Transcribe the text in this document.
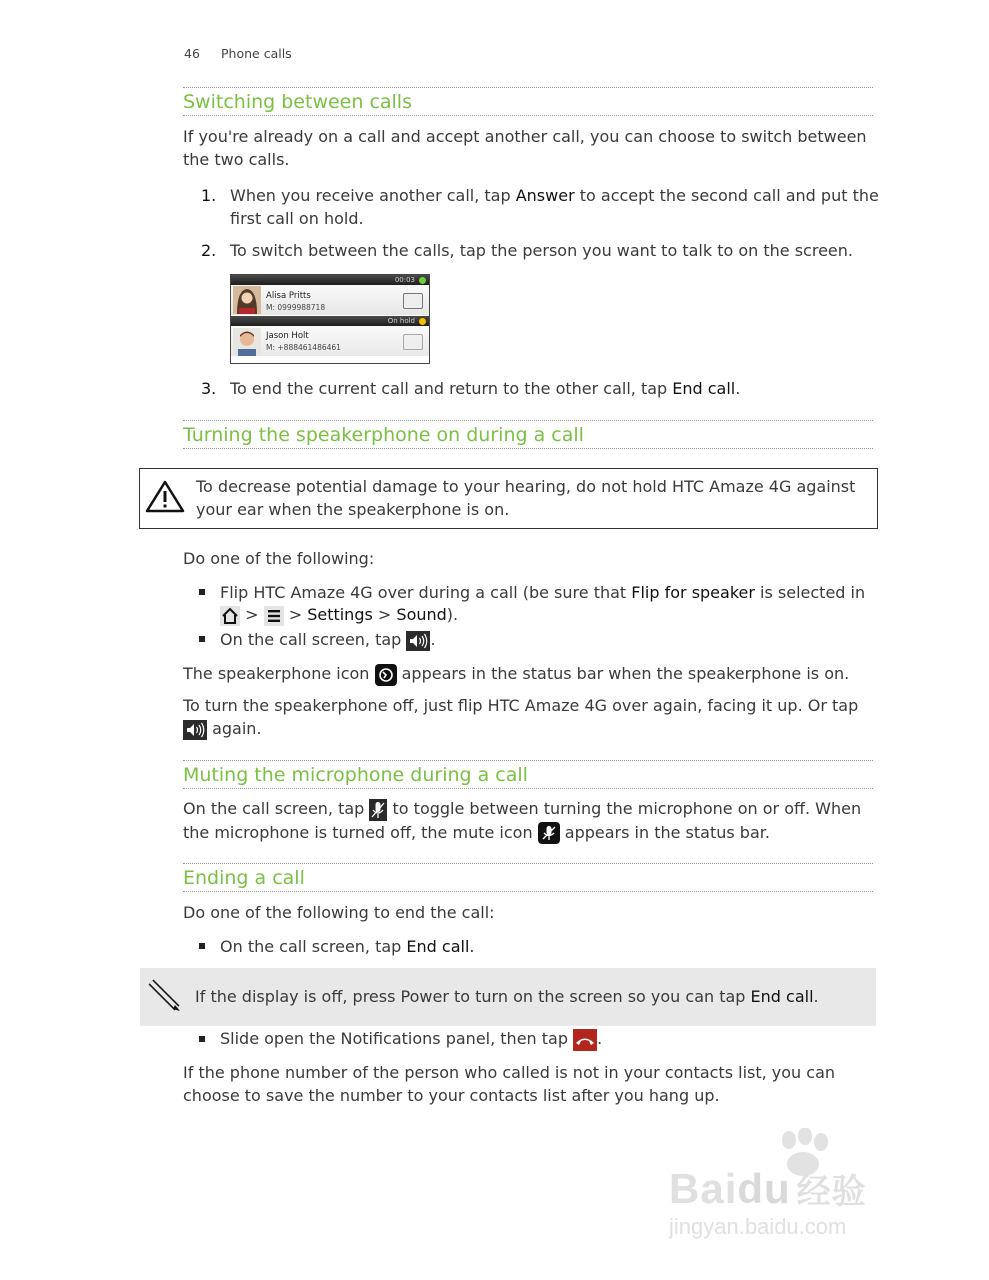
46 Phone calls
Switching between calls
If you're already on a call and accept another call, you can choose to switch between the two calls.
1. When you receive another call, tap Answer to accept the second call and put the first call on hold.
2. To switch between the calls, tap the person you want to talk to on the screen.
00:03
Alisa Pritts
M: 0999988718
On hold
Jason Holt
M: +888461486461
3. To end the current call and return to the other call, tap End call.
Turning the speakerphone on during a call
To decrease potential damage to your hearing, do not hold HTC Amaze 4G against your ear when the speakerphone is on.
Do one of the following:
Flip HTC Amaze 4G over during a call (be sure that Flip for speaker is selected in
> > Settings > Sound).
On the call screen, tap .
The speakerphone icon appears in the status bar when the speakerphone is on.
To turn the speakerphone off, just flip HTC Amaze 4G over again, facing it up. Or tap

again.
Muting the microphone during a call
On the call screen, tap to toggle between turning the microphone on or off. When
the microphone is turned off, the mute icon appears in the status bar.
Ending a call
Do one of the following to end the call:
On the call screen, tap End call.
If the display is off, press Power to turn on the screen so you can tap End call.
Slide open the Notifications panel, then tap .
If the phone number of the person who called is not in your contacts list, you can choose to save the number to your contacts list after you hang up.
Baidu 经验
jingyan.baidu.com
